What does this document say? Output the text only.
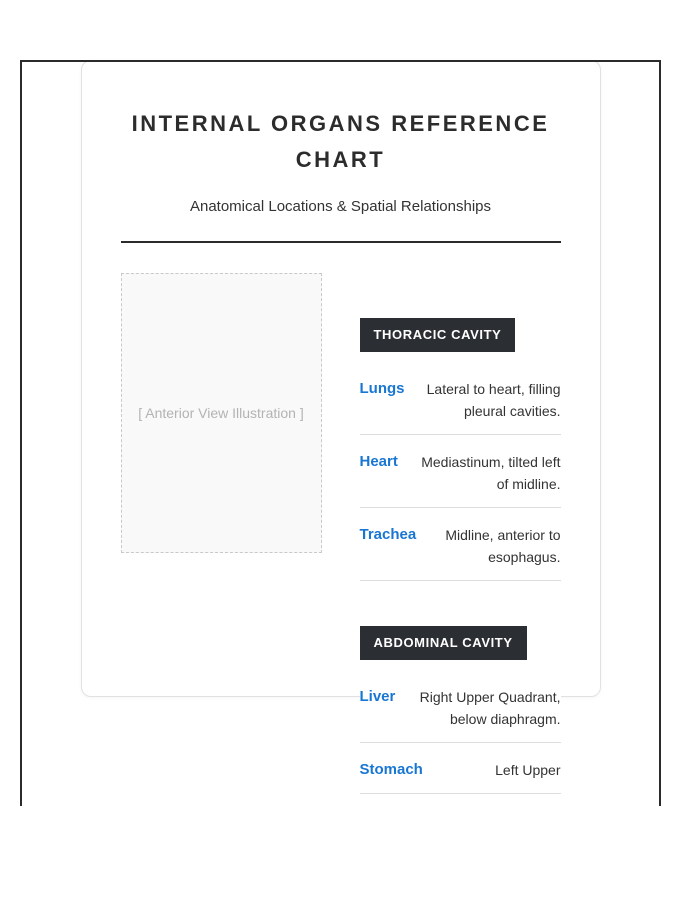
INTERNAL ORGANS REFERENCE CHART
Anatomical Locations & Spatial Relationships
[ Anterior View Illustration ]
THORACIC CAVITY
Lungs	Lateral to heart, filling pleural cavities.
Heart	Mediastinum, tilted left of midline.
Trachea	Midline, anterior to esophagus.
ABDOMINAL CAVITY
Liver	Right Upper Quadrant, below diaphragm.
Stomach	Left Upper
